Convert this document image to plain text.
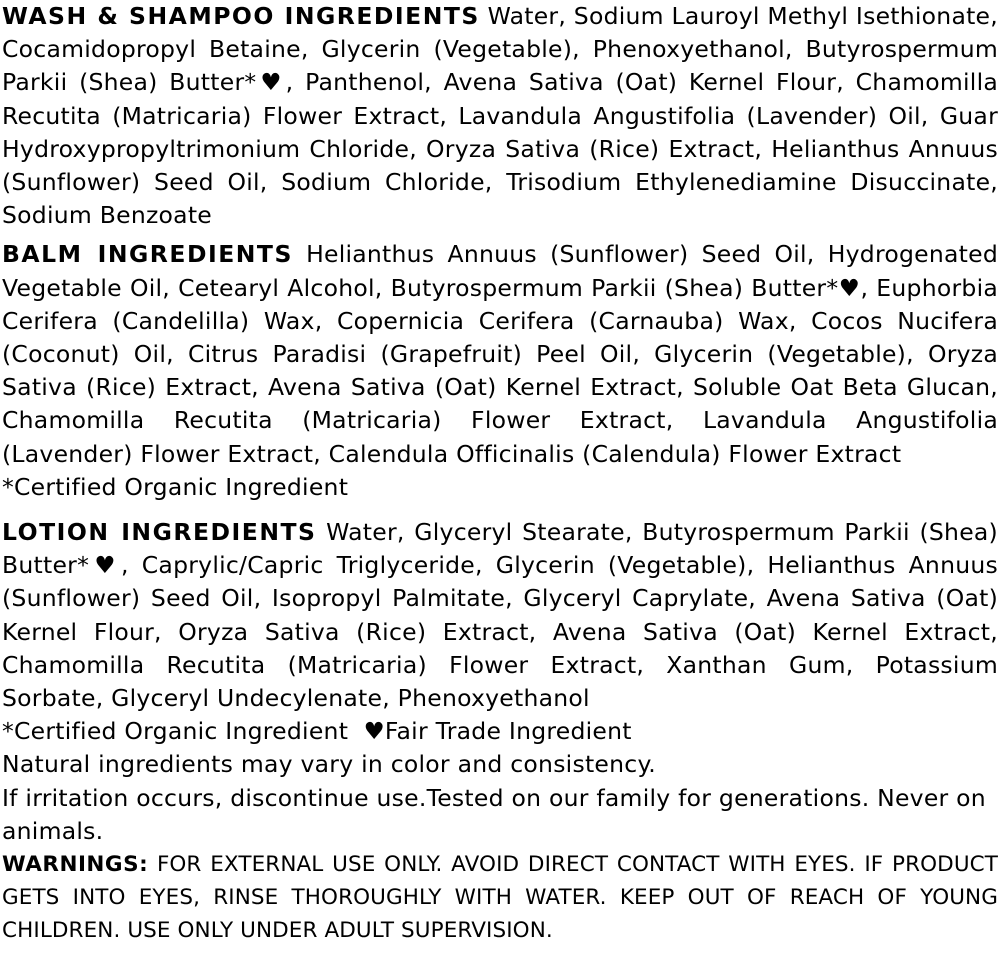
WASH & SHAMPOO INGREDIENTS Water, Sodium Lauroyl Methyl Isethionate, Cocamidopropyl Betaine, Glycerin (Vegetable), Phenoxyethanol, Butyrospermum Parkii (Shea) Butter*♥, Panthenol, Avena Sativa (Oat) Kernel Flour, Chamomilla Recutita (Matricaria) Flower Extract, Lavandula Angustifolia (Lavender) Oil, Guar Hydroxypropyltrimonium Chloride, Oryza Sativa (Rice) Extract, Helianthus Annuus (Sunflower) Seed Oil, Sodium Chloride, Trisodium Ethylenediamine Disuccinate, Sodium Benzoate

BALM INGREDIENTS Helianthus Annuus (Sunflower) Seed Oil, Hydrogenated Vegetable Oil, Cetearyl Alcohol, Butyrospermum Parkii (Shea) Butter*♥, Euphorbia Cerifera (Candelilla) Wax, Copernicia Cerifera (Carnauba) Wax, Cocos Nucifera (Coconut) Oil, Citrus Paradisi (Grapefruit) Peel Oil, Glycerin (Vegetable), Oryza Sativa (Rice) Extract, Avena Sativa (Oat) Kernel Extract, Soluble Oat Beta Glucan, Chamomilla Recutita (Matricaria) Flower Extract, Lavandula Angustifolia (Lavender) Flower Extract, Calendula Officinalis (Calendula) Flower Extract

*Certified Organic Ingredient

LOTION INGREDIENTS Water, Glyceryl Stearate, Butyrospermum Parkii (Shea) Butter*♥, Caprylic/Capric Triglyceride, Glycerin (Vegetable), Helianthus Annuus (Sunflower) Seed Oil, Isopropyl Palmitate, Glyceryl Caprylate, Avena Sativa (Oat) Kernel Flour, Oryza Sativa (Rice) Extract, Avena Sativa (Oat) Kernel Extract, Chamomilla Recutita (Matricaria) Flower Extract, Xanthan Gum, Potassium Sorbate, Glyceryl Undecylenate, Phenoxyethanol

*Certified Organic Ingredient  ♥Fair Trade Ingredient

Natural ingredients may vary in color and consistency.

If irritation occurs, discontinue use.Tested on our family for generations. Never on animals.

WARNINGS: FOR EXTERNAL USE ONLY. AVOID DIRECT CONTACT WITH EYES. IF PRODUCT GETS INTO EYES, RINSE THOROUGHLY WITH WATER. KEEP OUT OF REACH OF YOUNG CHILDREN. USE ONLY UNDER ADULT SUPERVISION.
